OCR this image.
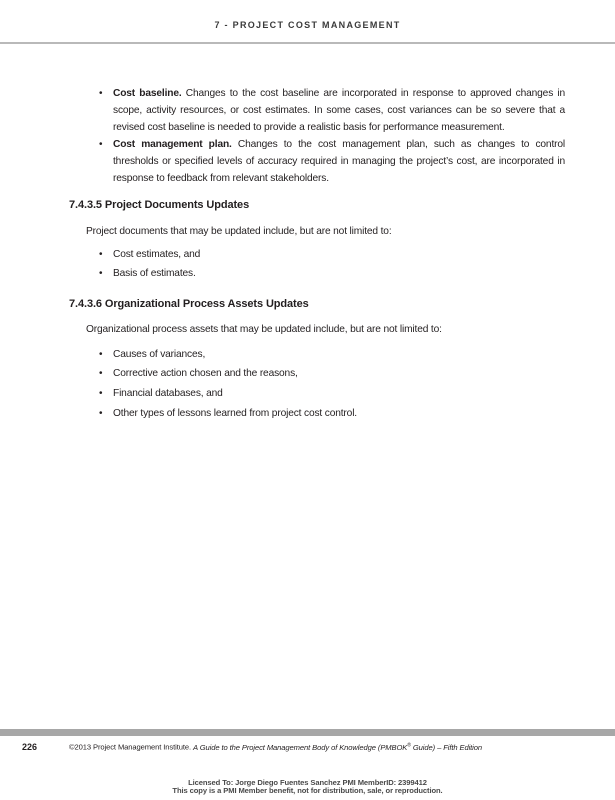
7 - PROJECT COST MANAGEMENT
• Cost baseline. Changes to the cost baseline are incorporated in response to approved changes in scope, activity resources, or cost estimates. In some cases, cost variances can be so severe that a revised cost baseline is needed to provide a realistic basis for performance measurement.
• Cost management plan. Changes to the cost management plan, such as changes to control thresholds or specified levels of accuracy required in managing the project’s cost, are incorporated in response to feedback from relevant stakeholders.
7.4.3.5 Project Documents Updates
Project documents that may be updated include, but are not limited to:
• Cost estimates, and
• Basis of estimates.
7.4.3.6 Organizational Process Assets Updates
Organizational process assets that may be updated include, but are not limited to:
• Causes of variances,
• Corrective action chosen and the reasons,
• Financial databases, and
• Other types of lessons learned from project cost control.
226	©2013 Project Management Institute. A Guide to the Project Management Body of Knowledge (PMBOK® Guide) – Fifth Edition
Licensed To: Jorge Diego Fuentes Sanchez PMI MemberID: 2399412
This copy is a PMI Member benefit, not for distribution, sale, or reproduction.
